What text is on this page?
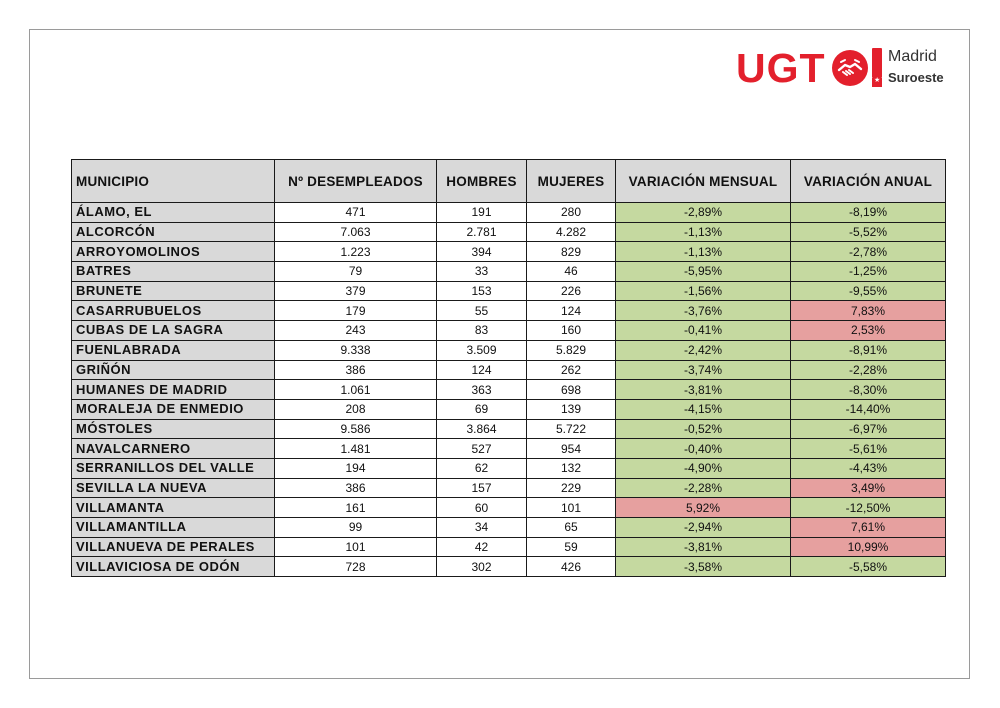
UGT	★
Madrid
Suroeste
MUNICIPIO	Nº DESEMPLEADOS	HOMBRES	MUJERES	VARIACIÓN MENSUAL	VARIACIÓN ANUAL
ÁLAMO, EL	471	191	280	-2,89%	-8,19%
ALCORCÓN	7.063	2.781	4.282	-1,13%	-5,52%
ARROYOMOLINOS	1.223	394	829	-1,13%	-2,78%
BATRES	79	33	46	-5,95%	-1,25%
BRUNETE	379	153	226	-1,56%	-9,55%
CASARRUBUELOS	179	55	124	-3,76%	7,83%
CUBAS DE LA SAGRA	243	83	160	-0,41%	2,53%
FUENLABRADA	9.338	3.509	5.829	-2,42%	-8,91%
GRIÑÓN	386	124	262	-3,74%	-2,28%
HUMANES DE MADRID	1.061	363	698	-3,81%	-8,30%
MORALEJA DE ENMEDIO	208	69	139	-4,15%	-14,40%
MÓSTOLES	9.586	3.864	5.722	-0,52%	-6,97%
NAVALCARNERO	1.481	527	954	-0,40%	-5,61%
SERRANILLOS DEL VALLE	194	62	132	-4,90%	-4,43%
SEVILLA LA NUEVA	386	157	229	-2,28%	3,49%
VILLAMANTA	161	60	101	5,92%	-12,50%
VILLAMANTILLA	99	34	65	-2,94%	7,61%
VILLANUEVA DE PERALES	101	42	59	-3,81%	10,99%
VILLAVICIOSA DE ODÓN	728	302	426	-3,58%	-5,58%
